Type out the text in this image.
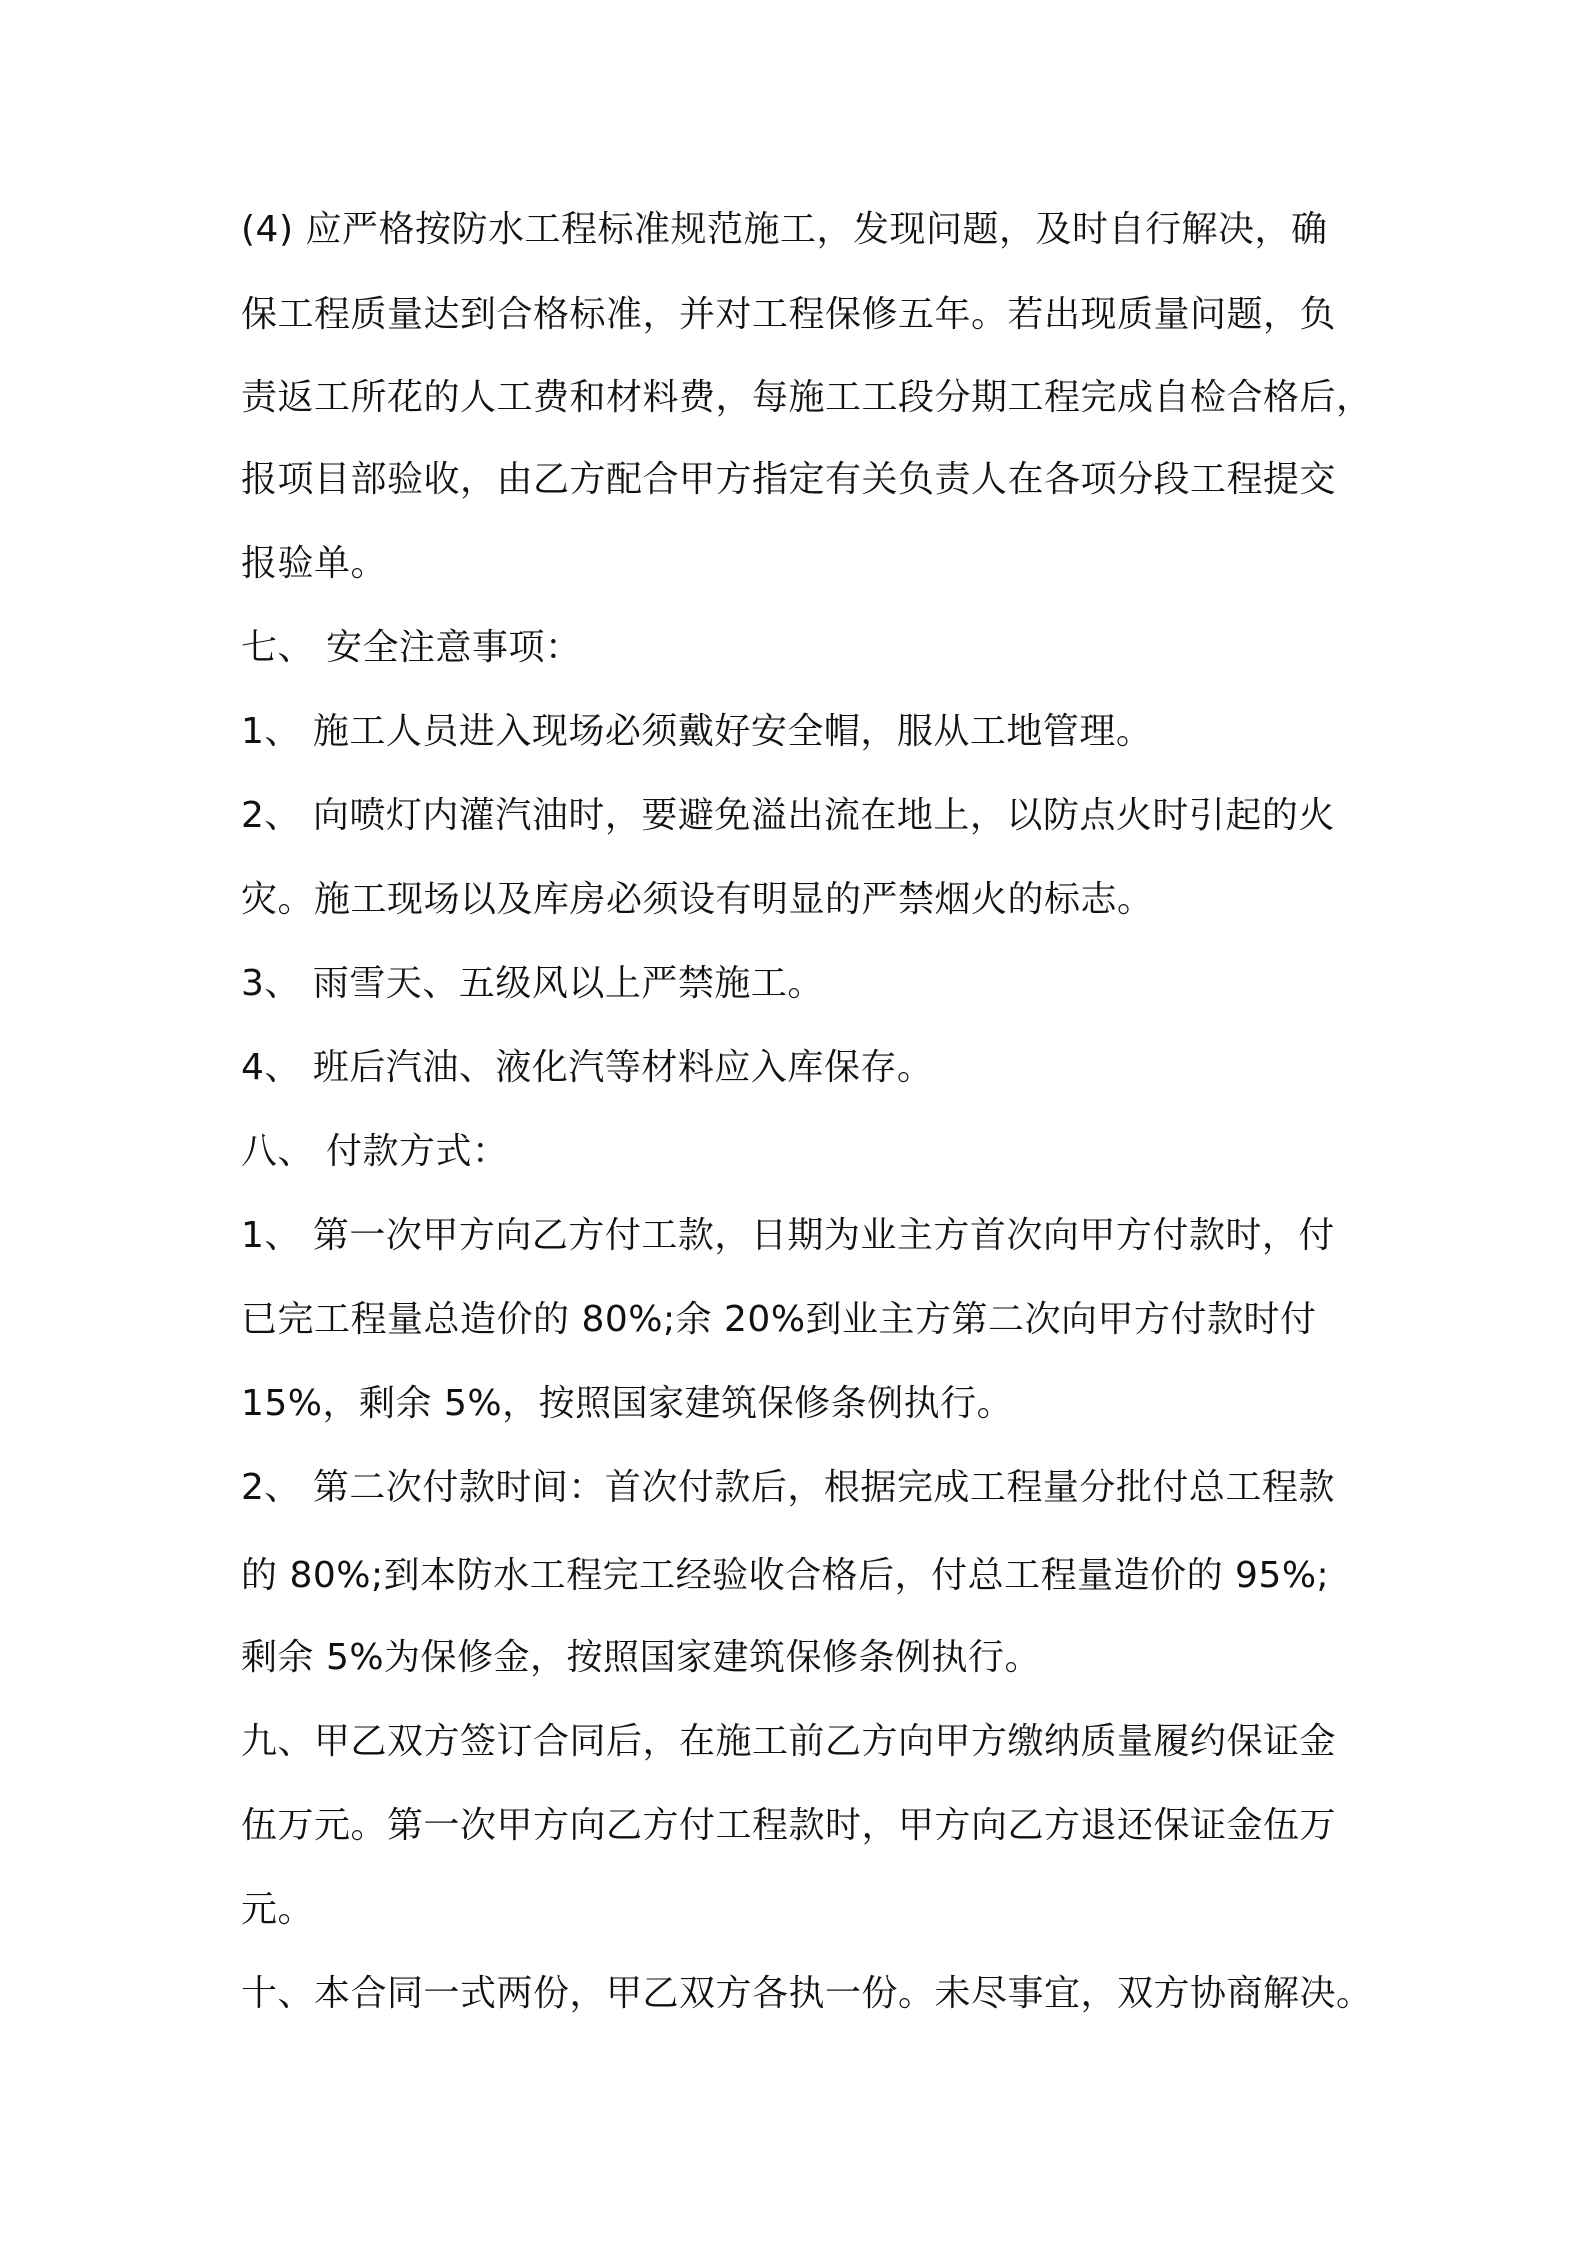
(4) 应严格按防水工程标准规范施工，发现问题，及时自行解决，确
保工程质量达到合格标准，并对工程保修五年。若出现质量问题，负
责返工所花的人工费和材料费，每施工工段分期工程完成自检合格后，
报项目部验收，由乙方配合甲方指定有关负责人在各项分段工程提交
报验单。
七、 安全注意事项：
1、 施工人员进入现场必须戴好安全帽，服从工地管理。
2、 向喷灯内灌汽油时，要避免溢出流在地上，以防点火时引起的火
灾。施工现场以及库房必须设有明显的严禁烟火的标志。
3、 雨雪天、五级风以上严禁施工。
4、 班后汽油、液化汽等材料应入库保存。
八、 付款方式：
1、 第一次甲方向乙方付工款，日期为业主方首次向甲方付款时，付
已完工程量总造价的 80%;余 20%到业主方第二次向甲方付款时付
15%，剩余 5%，按照国家建筑保修条例执行。
2、 第二次付款时间：首次付款后，根据完成工程量分批付总工程款
的 80%;到本防水工程完工经验收合格后，付总工程量造价的 95%;
剩余 5%为保修金，按照国家建筑保修条例执行。
九、甲乙双方签订合同后，在施工前乙方向甲方缴纳质量履约保证金
伍万元。第一次甲方向乙方付工程款时，甲方向乙方退还保证金伍万
元。
十、本合同一式两份，甲乙双方各执一份。未尽事宜，双方协商解决。
